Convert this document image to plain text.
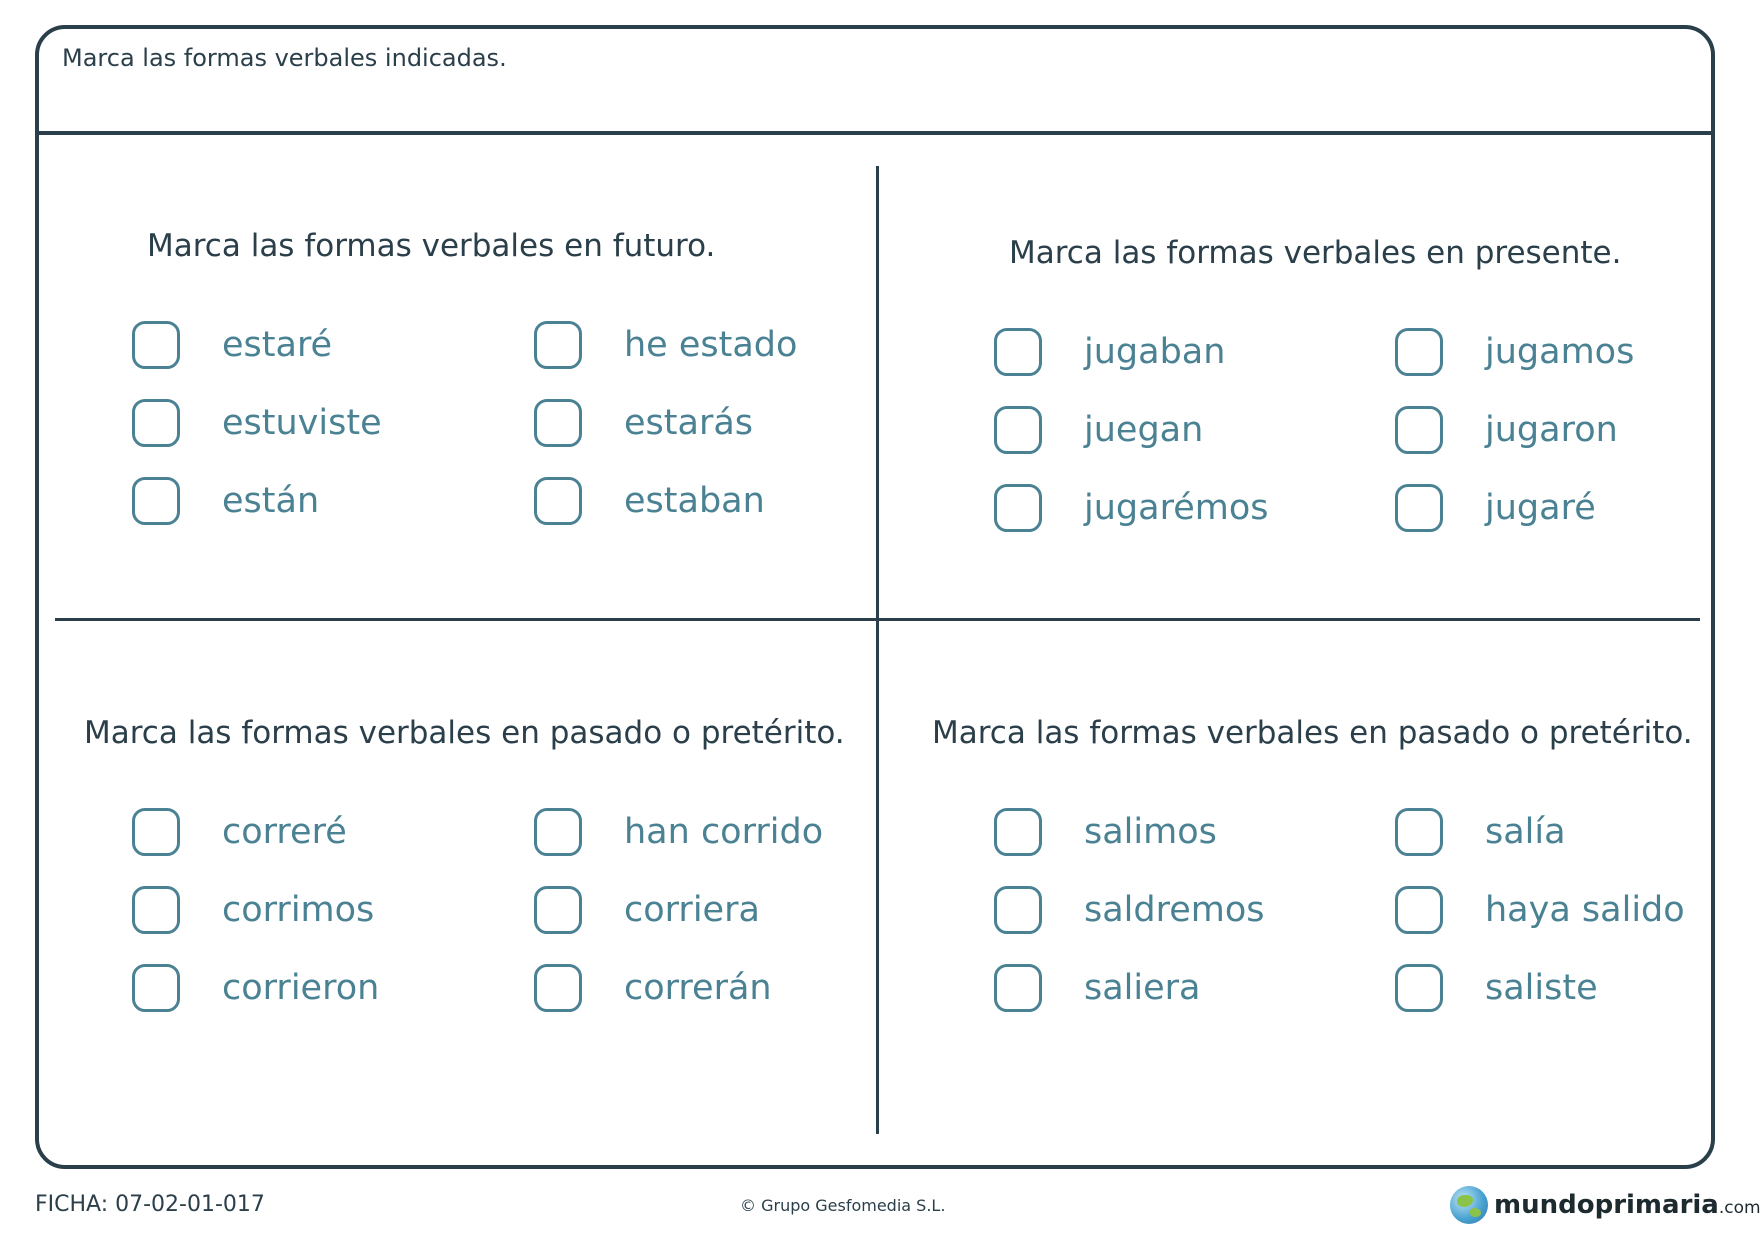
Marca las formas verbales indicadas.
Marca las formas verbales en futuro.
estaré
estuviste
están
he estado
estarás
estaban
Marca las formas verbales en presente.
jugaban
juegan
jugarémos
jugamos
jugaron
jugaré
Marca las formas verbales en pasado o pretérito.
correré
corrimos
corrieron
han corrido
corriera
correrán
Marca las formas verbales en pasado o pretérito.
salimos
saldremos
saliera
salía
haya salido
saliste
FICHA: 07-02-01-017	© Grupo Gesfomedia S.L.	mundoprimaria.com
